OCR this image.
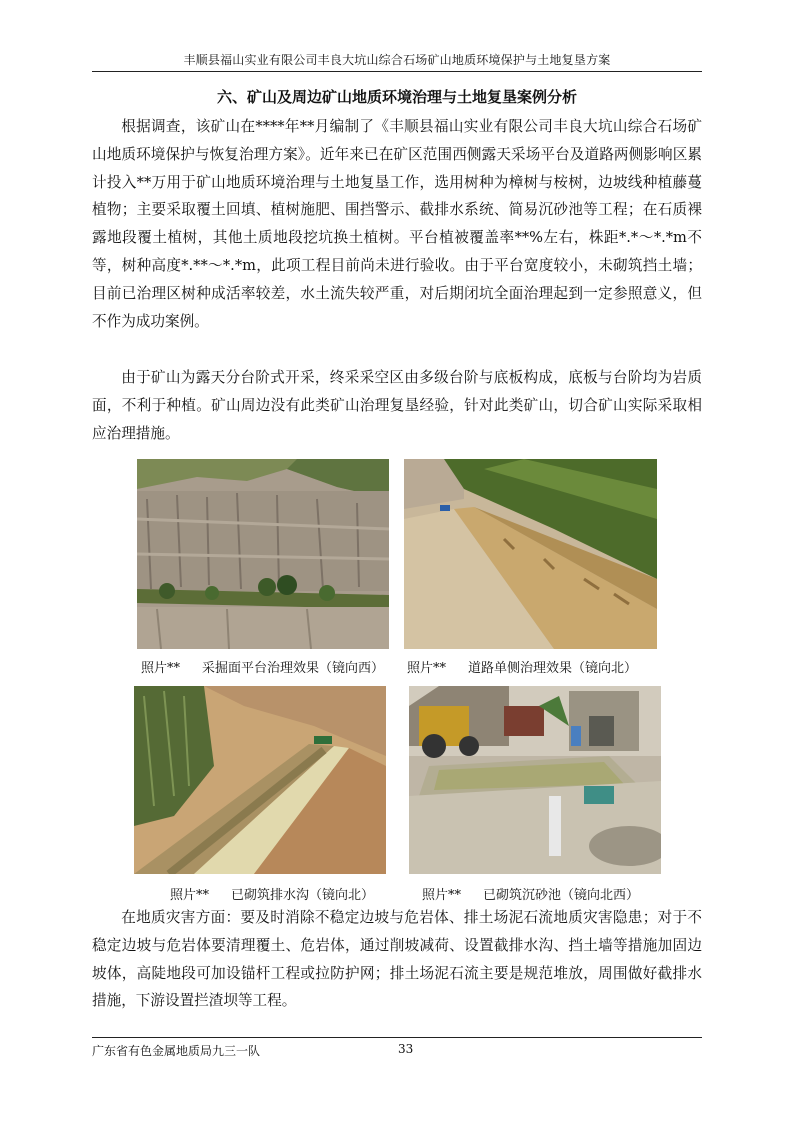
丰顺县福山实业有限公司丰良大坑山综合石场矿山地质环境保护与土地复垦方案
六、矿山及周边矿山地质环境治理与土地复垦案例分析

根据调查，该矿山在****年**月编制了《丰顺县福山实业有限公司丰良大坑山综合石场矿山地质环境保护与恢复治理方案》。近年来已在矿区范围西侧露天采场平台及道路两侧影响区累计投入**万用于矿山地质环境治理与土地复垦工作，选用树种为樟树与桉树，边坡线种植藤蔓植物；主要采取覆土回填、植树施肥、围挡警示、截排水系统、简易沉砂池等工程；在石质裸露地段覆土植树，其他土质地段挖坑换土植树。平台植被覆盖率**%左右，株距*.*～*.*m不等，树种高度*.**～*.*m，此项工程目前尚未进行验收。由于平台宽度较小，未砌筑挡土墙；目前已治理区树种成活率较差，水土流失较严重，对后期闭坑全面治理起到一定参照意义，但不作为成功案例。

由于矿山为露天分台阶式开采，终采采空区由多级台阶与底板构成，底板与台阶均为岩质面，不利于种植。矿山周边没有此类矿山治理复垦经验，针对此类矿山，切合矿山实际采取相应治理措施。

照片** 采掘面平台治理效果（镜向西） 照片** 道路单侧治理效果（镜向北）
照片** 已砌筑排水沟（镜向北）	照片** 已砌筑沉砂池（镜向北西）

在地质灾害方面：要及时消除不稳定边坡与危岩体、排土场泥石流地质灾害隐患；对于不稳定边坡与危岩体要清理覆土、危岩体，通过削坡减荷、设置截排水沟、挡土墙等措施加固边坡体，高陡地段可加设锚杆工程或拉防护网；排土场泥石流主要是规范堆放，周围做好截排水措施，下游设置拦渣坝等工程。

广东省有色金属地质局九三一队	33
